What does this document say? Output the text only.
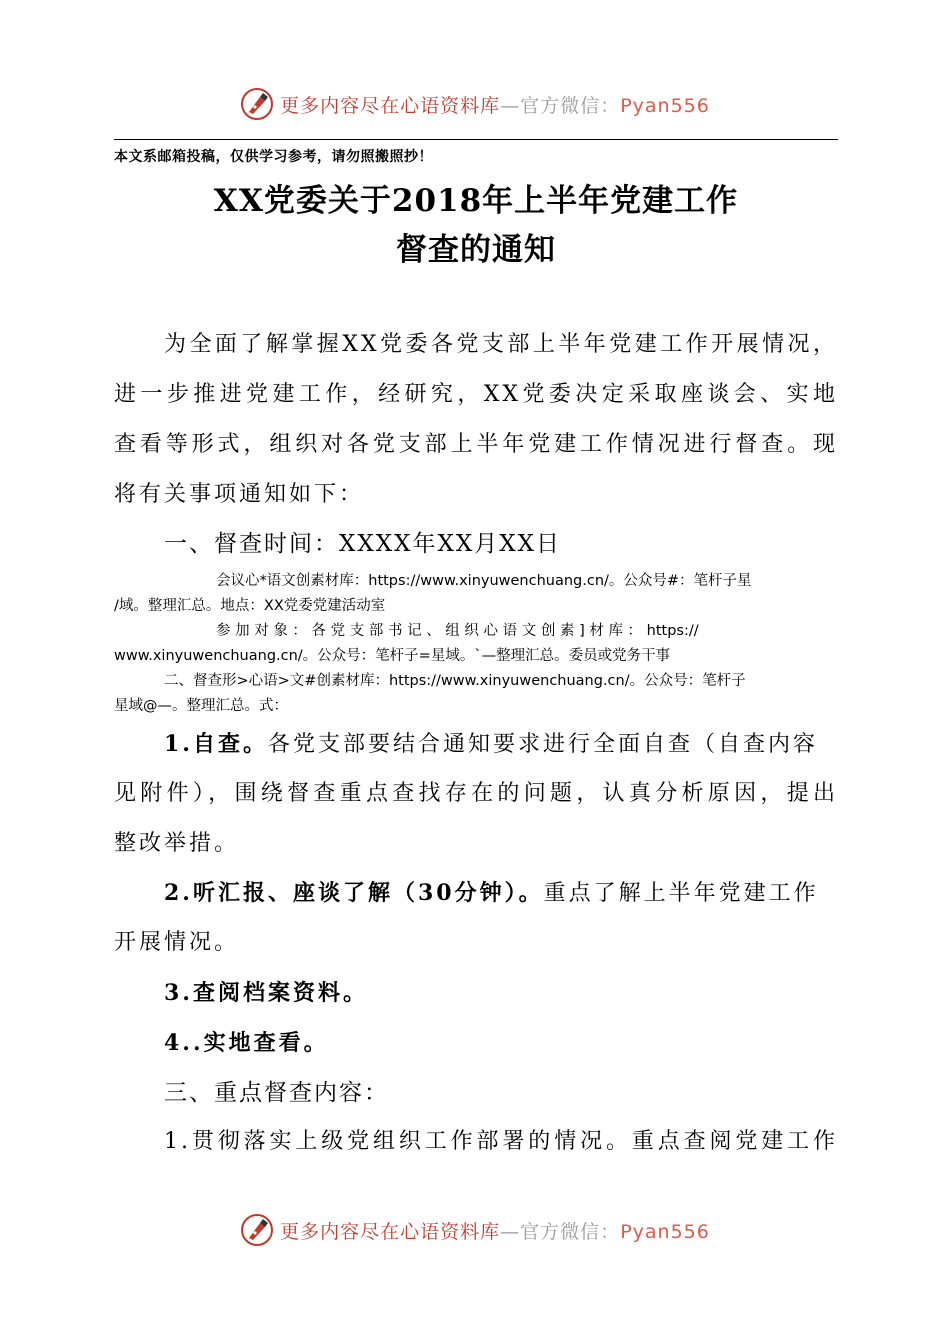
更多内容尽在心语资料库—官方微信：Pyan556
本文系邮箱投稿，仅供学习参考，请勿照搬照抄！
XX党委关于2018年上半年党建工作
督查的通知
为全面了解掌握XX党委各党支部上半年党建工作开展情况，
进一步推进党建工作，经研究，XX党委决定采取座谈会、实地
查看等形式，组织对各党支部上半年党建工作情况进行督查。现
将有关事项通知如下：
一、督查时间：XXXX年XX月XX日
会议心*语文创素材库：https://www.xinyuwenchuang.cn/。公众号#：笔杆子星
/域。整理汇总。地点：XX党委党建活动室
参 加 对 象 ： 各 党 支 部 书 记 、 组 织 心 语 文 创 素 ] 材 库 ： https://
www.xinyuwenchuang.cn/。公众号：笔杆子=星域。`—整理汇总。委员或党务干事
二、督查形>心语>文#创素材库：https://www.xinyuwenchuang.cn/。公众号：笔杆子
星域@—。整理汇总。式：
1.自查。各党支部要结合通知要求进行全面自查（自查内容
见附件），围绕督查重点查找存在的问题，认真分析原因，提出
整改举措。
2.听汇报、座谈了解（30分钟）。重点了解上半年党建工作
开展情况。
3.查阅档案资料。
4..实地查看。
三、重点督查内容：
1.贯彻落实上级党组织工作部署的情况。重点查阅党建工作
更多内容尽在心语资料库—官方微信：Pyan556
